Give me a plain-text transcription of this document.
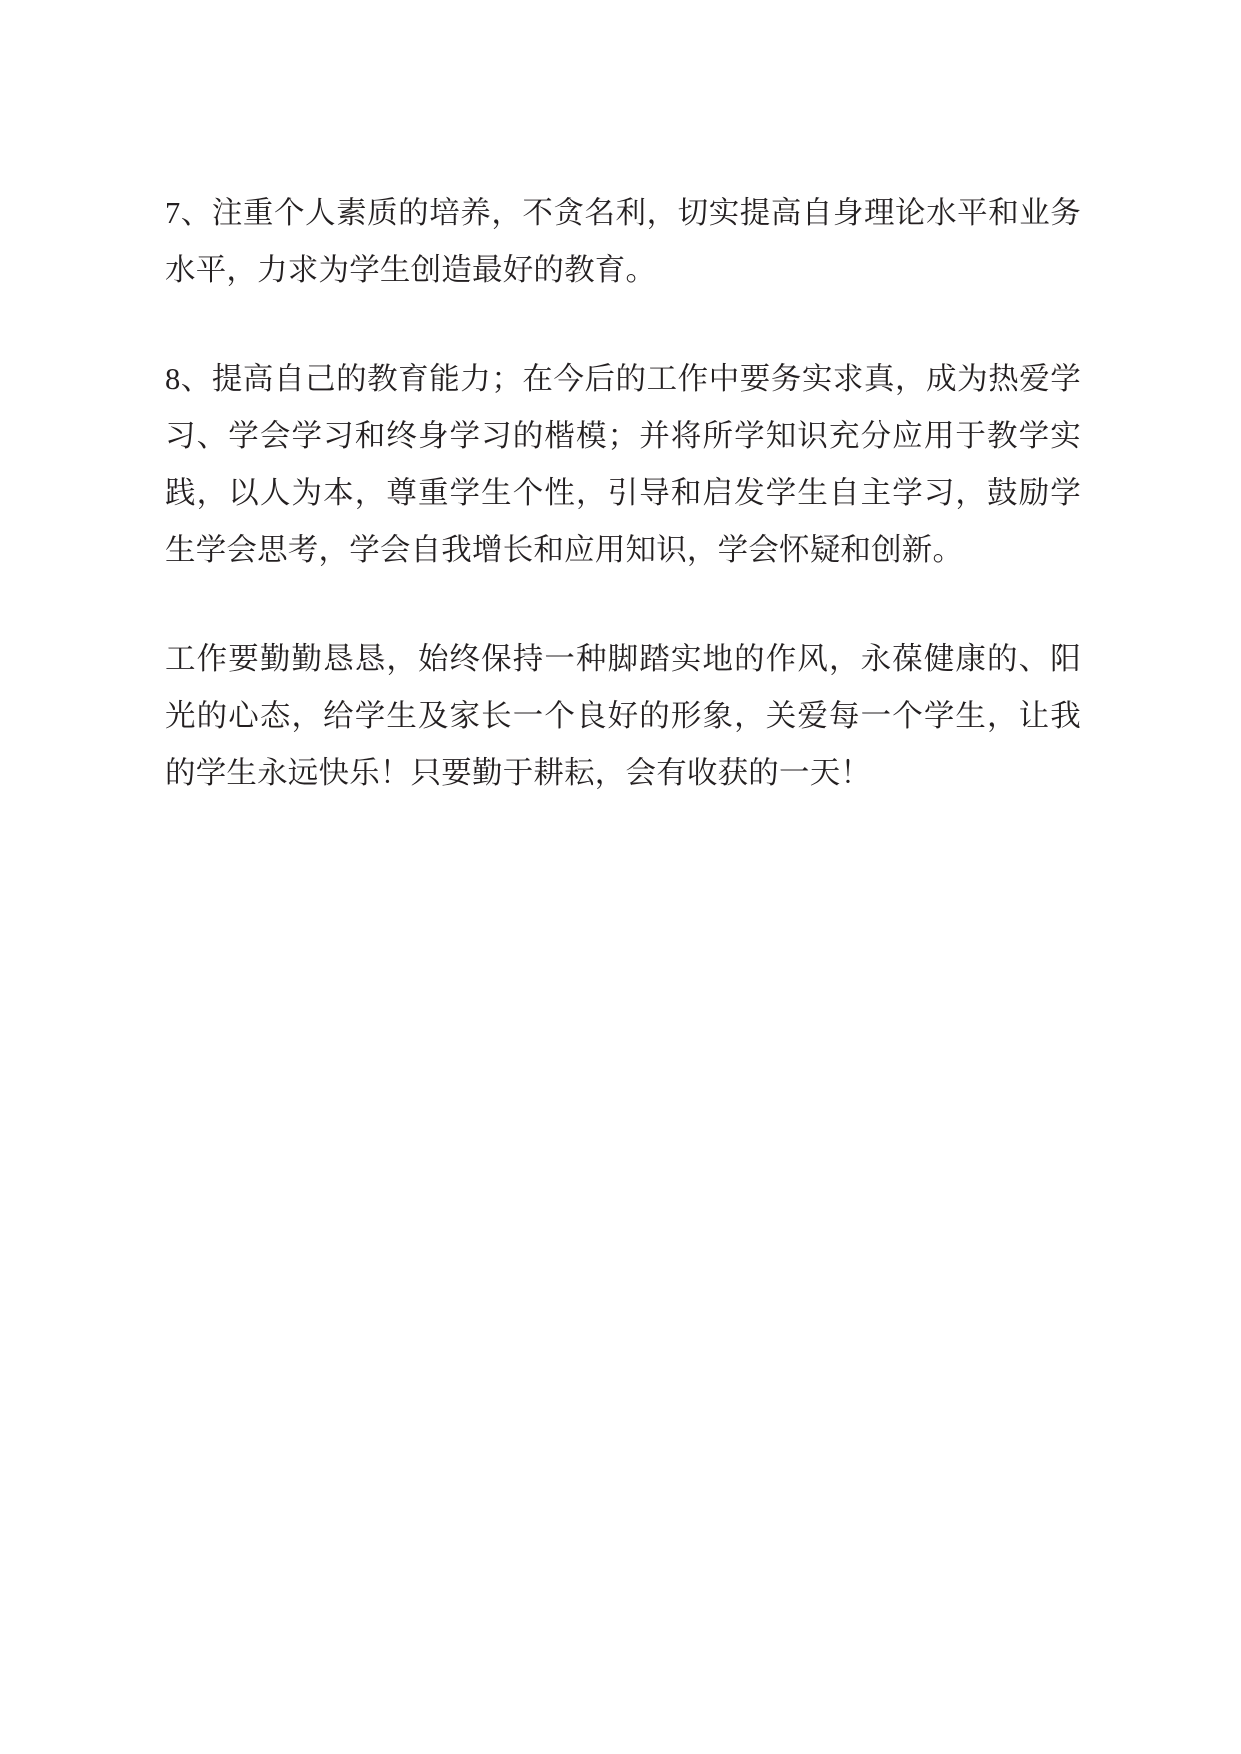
7、注重个人素质的培养，不贪名利，切实提高自身理论水平和业务水平，力求为学生创造最好的教育。

8、提高自己的教育能力；在今后的工作中要务实求真，成为热爱学习、学会学习和终身学习的楷模；并将所学知识充分应用于教学实践，以人为本，尊重学生个性，引导和启发学生自主学习，鼓励学生学会思考，学会自我增长和应用知识，学会怀疑和创新。

工作要勤勤恳恳，始终保持一种脚踏实地的作风，永葆健康的、阳光的心态，给学生及家长一个良好的形象，关爱每一个学生，让我的学生永远快乐！只要勤于耕耘，会有收获的一天！
